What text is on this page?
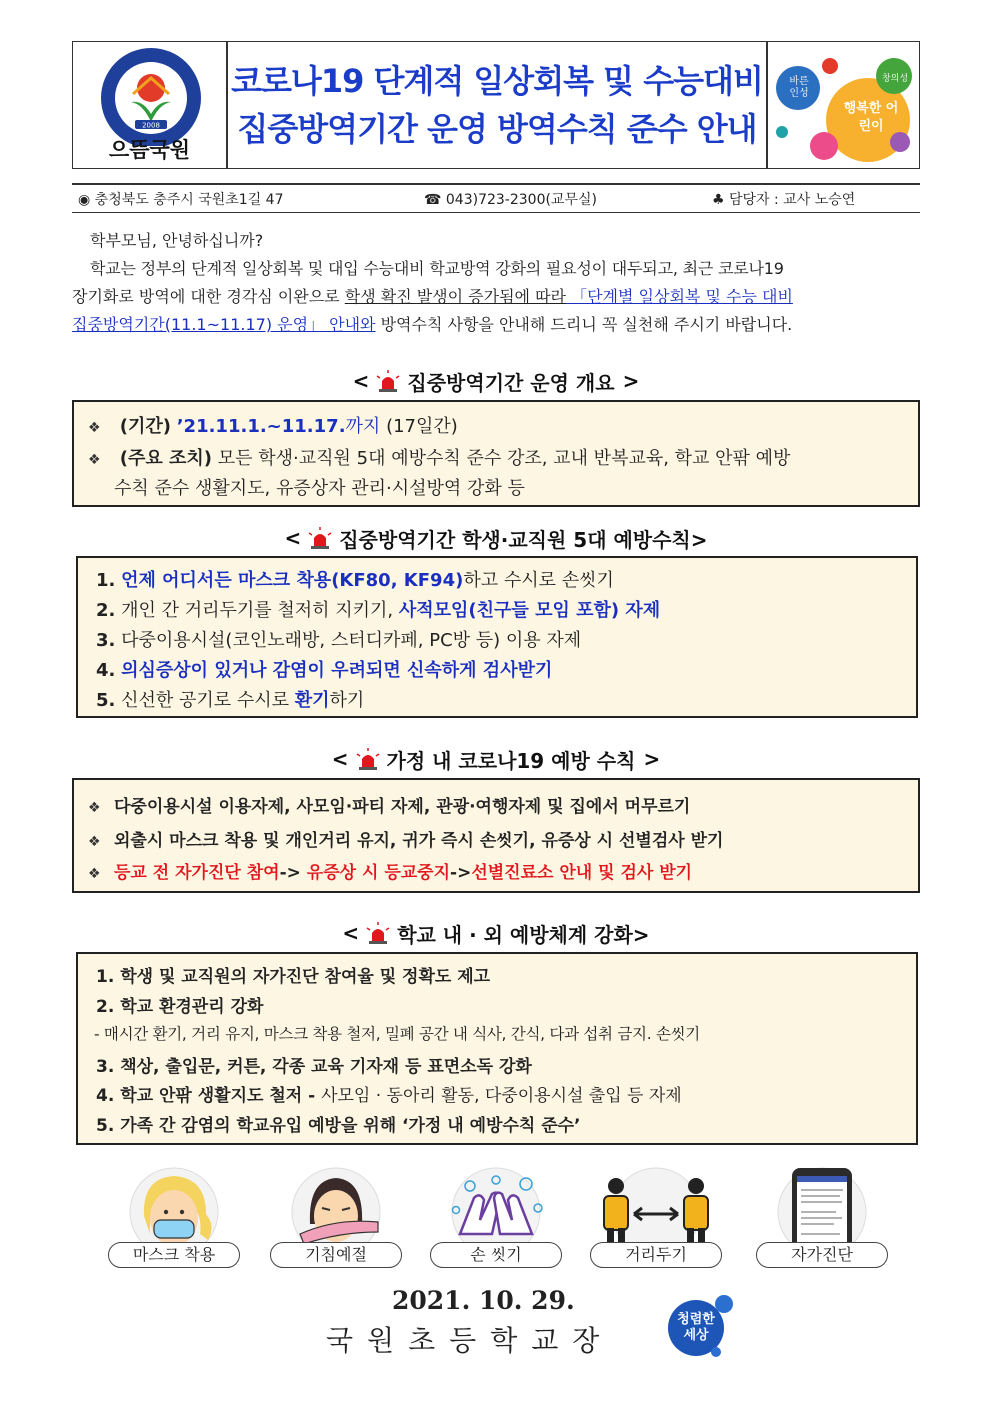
2008
으뜸국원
코로나19 단계적 일상회복 및 수능대비
집중방역기간 운영 방역수칙 준수 안내
바른인성
창의성
행복한 어린이
◉ 충청북도 충주시 국원초1길 47	☎ 043)723-2300(교무실)	♣ 담당자 : 교사 노승연
학부모님, 안녕하십니까?
학교는 정부의 단계적 일상회복 및 대입 수능대비 학교방역 강화의 필요성이 대두되고, 최근 코로나19
장기화로 방역에 대한 경각심 이완으로 학생 확진 발생이 증가됨에 따라 「단계별 일상회복 및 수능 대비
집중방역기간(11.1~11.17) 운영」 안내와 방역수칙 사항을 안내해 드리니 꼭 실천해 주시기 바랍니다.
< 집중방역기간 운영 개요 >
❖ (기간) ’21.11.1.~11.17.까지 (17일간)
❖ (주요 조치) 모든 학생·교직원 5대 예방수칙 준수 강조, 교내 반복교육, 학교 안팎 예방
수칙 준수 생활지도, 유증상자 관리·시설방역 강화 등
< 집중방역기간 학생·교직원 5대 예방수칙>
1. 언제 어디서든 마스크 착용(KF80, KF94)하고 수시로 손씻기
2. 개인 간 거리두기를 철저히 지키기, 사적모임(친구들 모임 포함) 자제
3. 다중이용시설(코인노래방, 스터디카페, PC방 등) 이용 자제
4. 의심증상이 있거나 감염이 우려되면 신속하게 검사받기
5. 신선한 공기로 수시로 환기하기
< 가정 내 코로나19 예방 수칙 >
❖ 다중이용시설 이용자제, 사모임·파티 자제, 관광·여행자제 및 집에서 머무르기
❖ 외출시 마스크 착용 및 개인거리 유지, 귀가 즉시 손씻기, 유증상 시 선별검사 받기
❖ 등교 전 자가진단 참여-> 유증상 시 등교중지->선별진료소 안내 및 검사 받기
< 학교 내 · 외 예방체계 강화>
1. 학생 및 교직원의 자가진단 참여율 및 정확도 제고
2. 학교 환경관리 강화
- 매시간 환기, 거리 유지, 마스크 착용 철저, 밀폐 공간 내 식사, 간식, 다과 섭취 금지. 손씻기
3. 책상, 출입문, 커튼, 각종 교육 기자재 등 표면소독 강화
4. 학교 안팎 생활지도 철저 - 사모임 · 동아리 활동, 다중이용시설 출입 등 자제
5. 가족 간 감염의 학교유입 예방을 위해 ‘가정 내 예방수칙 준수’
마스크 착용	기침예절	손 씻기	거리두기	자가진단
2021. 10. 29.
국원초등학교장
청렴한 세상
